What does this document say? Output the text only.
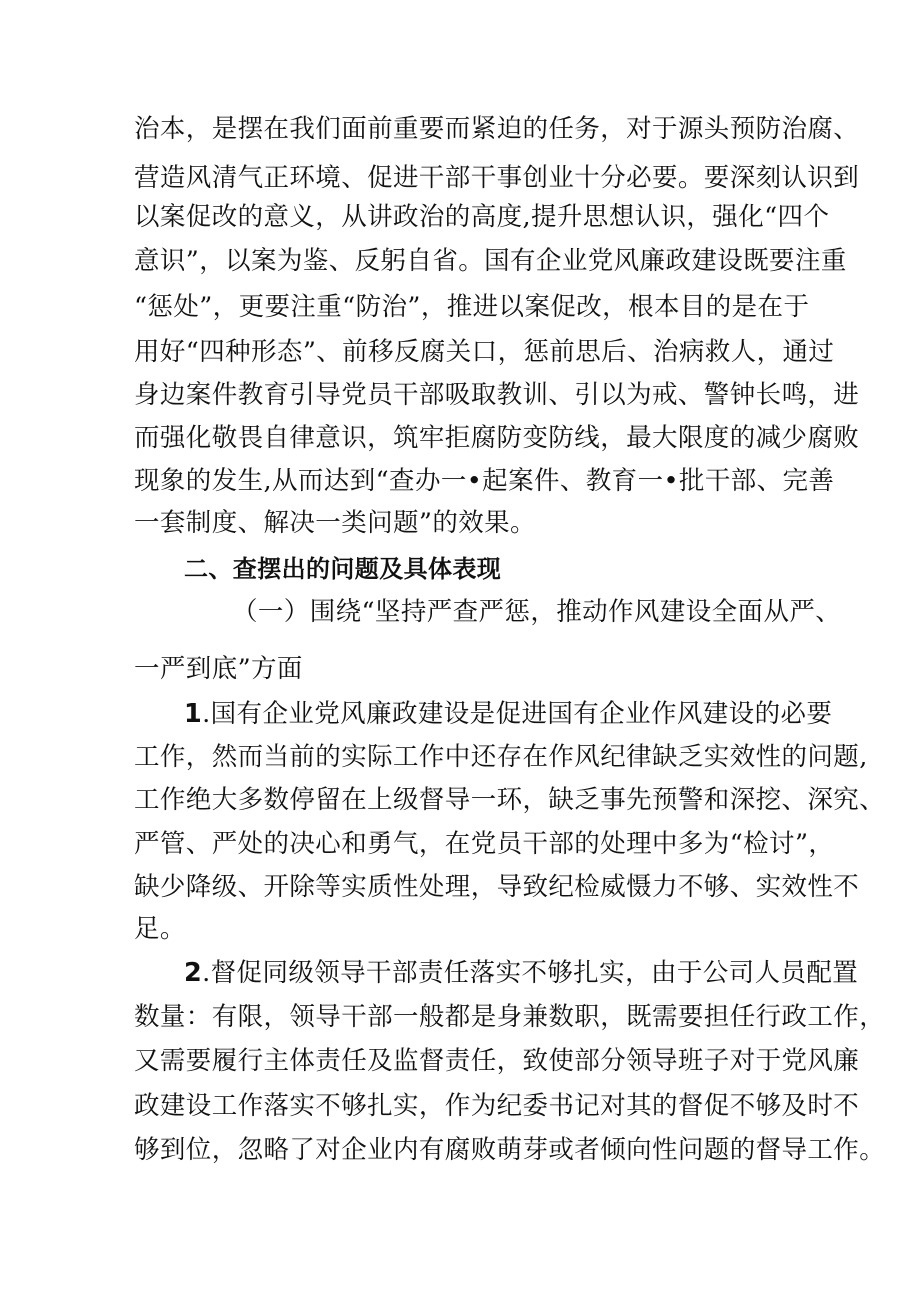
治本，是摆在我们面前重要而紧迫的任务，对于源头预防治腐、
营造风清气正环境、促进干部干事创业十分必要。要深刻认识到
以案促改的意义，从讲政治的高度,提升思想认识，强化“四个
意识”，以案为鉴、反躬自省。国有企业党风廉政建设既要注重
“惩处”，更要注重“防治”，推进以案促改，根本目的是在于
用好“四种形态”、前移反腐关口，惩前思后、治病救人，通过
身边案件教育引导党员干部吸取教训、引以为戒、警钟长鸣，进
而强化敬畏自律意识，筑牢拒腐防变防线，最大限度的减少腐败
现象的发生,从而达到“查办一•起案件、教育一•批干部、完善
一套制度、解决一类问题”的效果。
二、查摆出的问题及具体表现
（一）围绕“坚持严查严惩，推动作风建设全面从严、
一严到底”方面
1.国有企业党风廉政建设是促进国有企业作风建设的必要
工作，然而当前的实际工作中还存在作风纪律缺乏实效性的问题,
工作绝大多数停留在上级督导一环，缺乏事先预警和深挖、深究、
严管、严处的决心和勇气，在党员干部的处理中多为“检讨”，
缺少降级、开除等实质性处理，导致纪检威慑力不够、实效性不
足。
2.督促同级领导干部责任落实不够扎实，由于公司人员配置
数量：有限，领导干部一般都是身兼数职，既需要担任行政工作，
又需要履行主体责任及监督责任，致使部分领导班子对于党风廉
政建设工作落实不够扎实，作为纪委书记对其的督促不够及时不
够到位，忽略了对企业内有腐败萌芽或者倾向性问题的督导工作。
